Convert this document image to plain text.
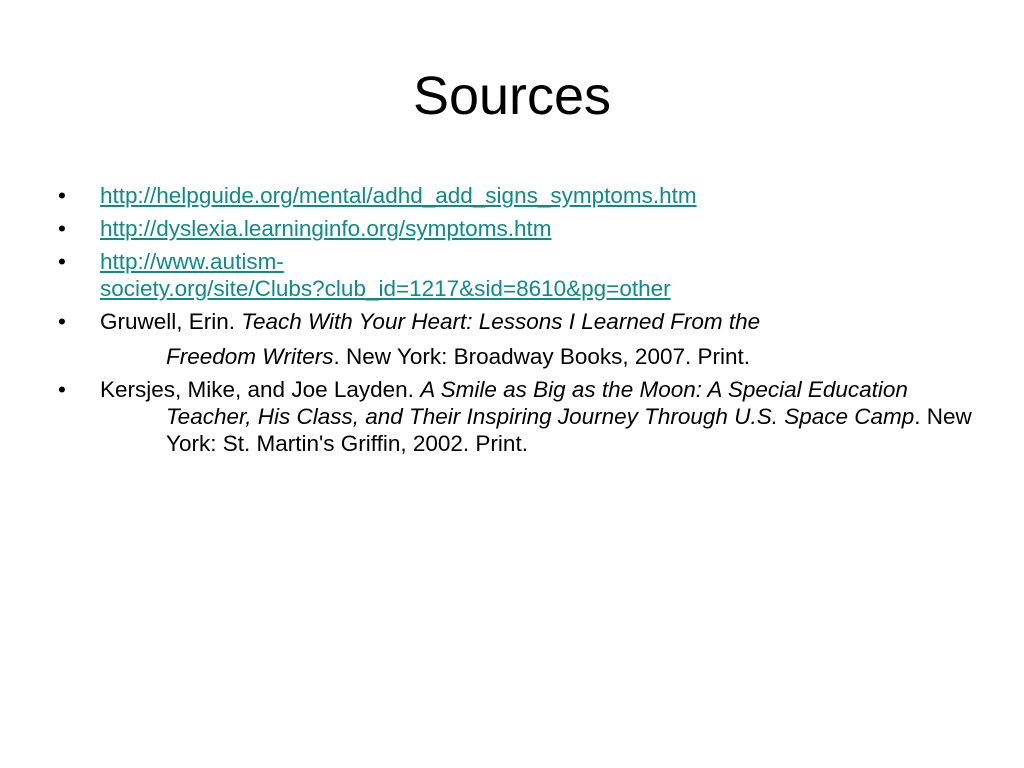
Sources
•	http://helpguide.org/mental/adhd_add_signs_symptoms.htm
•	http://dyslexia.learninginfo.org/symptoms.htm
•	http://www.autism-
society.org/site/Clubs?club_id=1217&sid=8610&pg=other
•	Gruwell, Erin. Teach With Your Heart: Lessons I Learned From the
Freedom Writers. New York: Broadway Books, 2007. Print.
•	Kersjes, Mike, and Joe Layden. A Smile as Big as the Moon: A Special Education Teacher, His Class, and Their Inspiring Journey Through U.S. Space Camp. New York: St. Martin's Griffin, 2002. Print.
